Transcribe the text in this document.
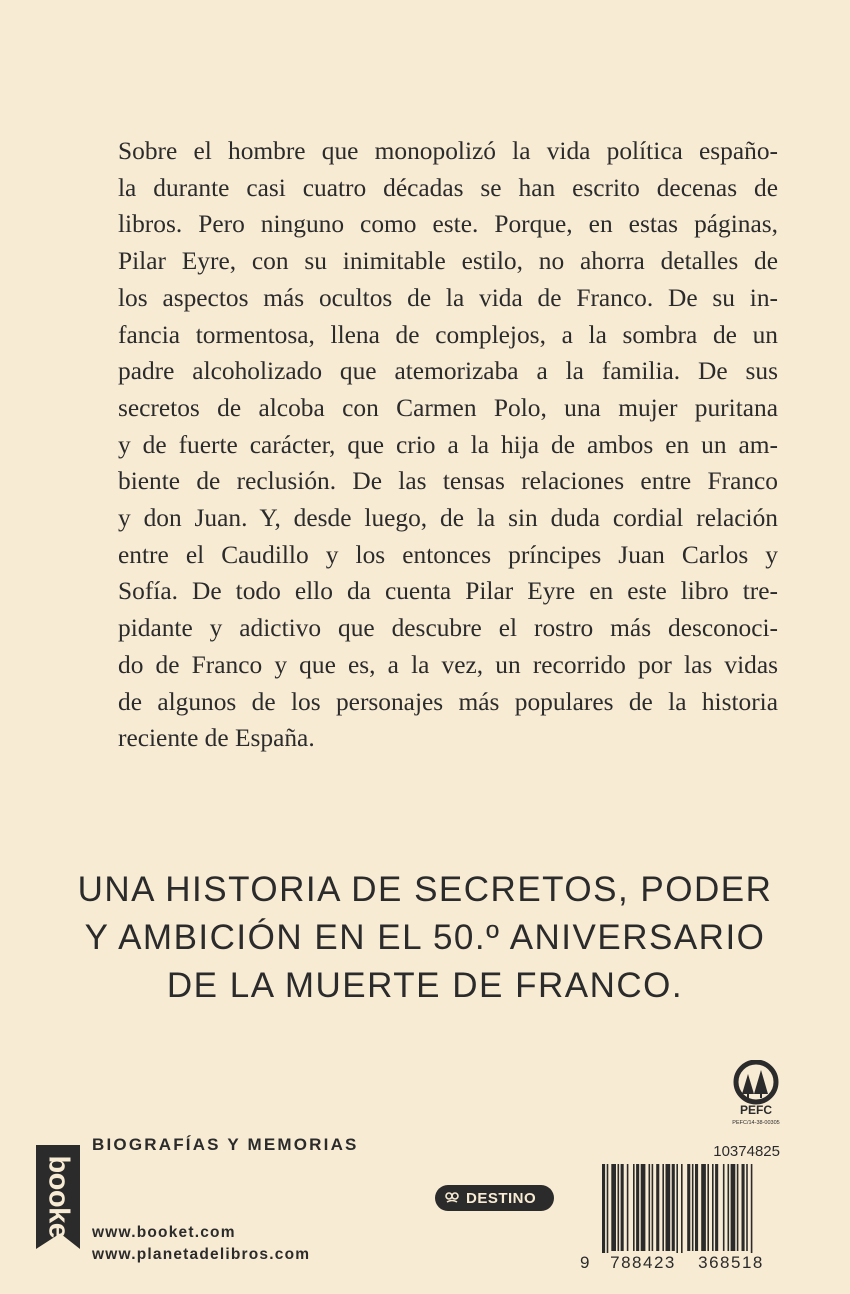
Sobre el hombre que monopolizó la vida política españo-
la durante casi cuatro décadas se han escrito decenas de
libros. Pero ninguno como este. Porque, en estas páginas,
Pilar Eyre, con su inimitable estilo, no ahorra detalles de
los aspectos más ocultos de la vida de Franco. De su in-
fancia tormentosa, llena de complejos, a la sombra de un
padre alcoholizado que atemorizaba a la familia. De sus
secretos de alcoba con Carmen Polo, una mujer puritana
y de fuerte carácter, que crio a la hija de ambos en un am-
biente de reclusión. De las tensas relaciones entre Franco
y don Juan. Y, desde luego, de la sin duda cordial relación
entre el Caudillo y los entonces príncipes Juan Carlos y
Sofía. De todo ello da cuenta Pilar Eyre en este libro tre-
pidante y adictivo que descubre el rostro más desconoci-
do de Franco y que es, a la vez, un recorrido por las vidas
de algunos de los personajes más populares de la historia
reciente de España.
UNA HISTORIA DE SECRETOS, PODER
Y AMBICIÓN EN EL 50.º ANIVERSARIO
DE LA MUERTE DE FRANCO.
PEFC
PEFC/14-38-00305
booket
BIOGRAFÍAS Y MEMORIAS
www.booket.com
www.planetadelibros.com
DESTINO
10374825
9	788423	368518
